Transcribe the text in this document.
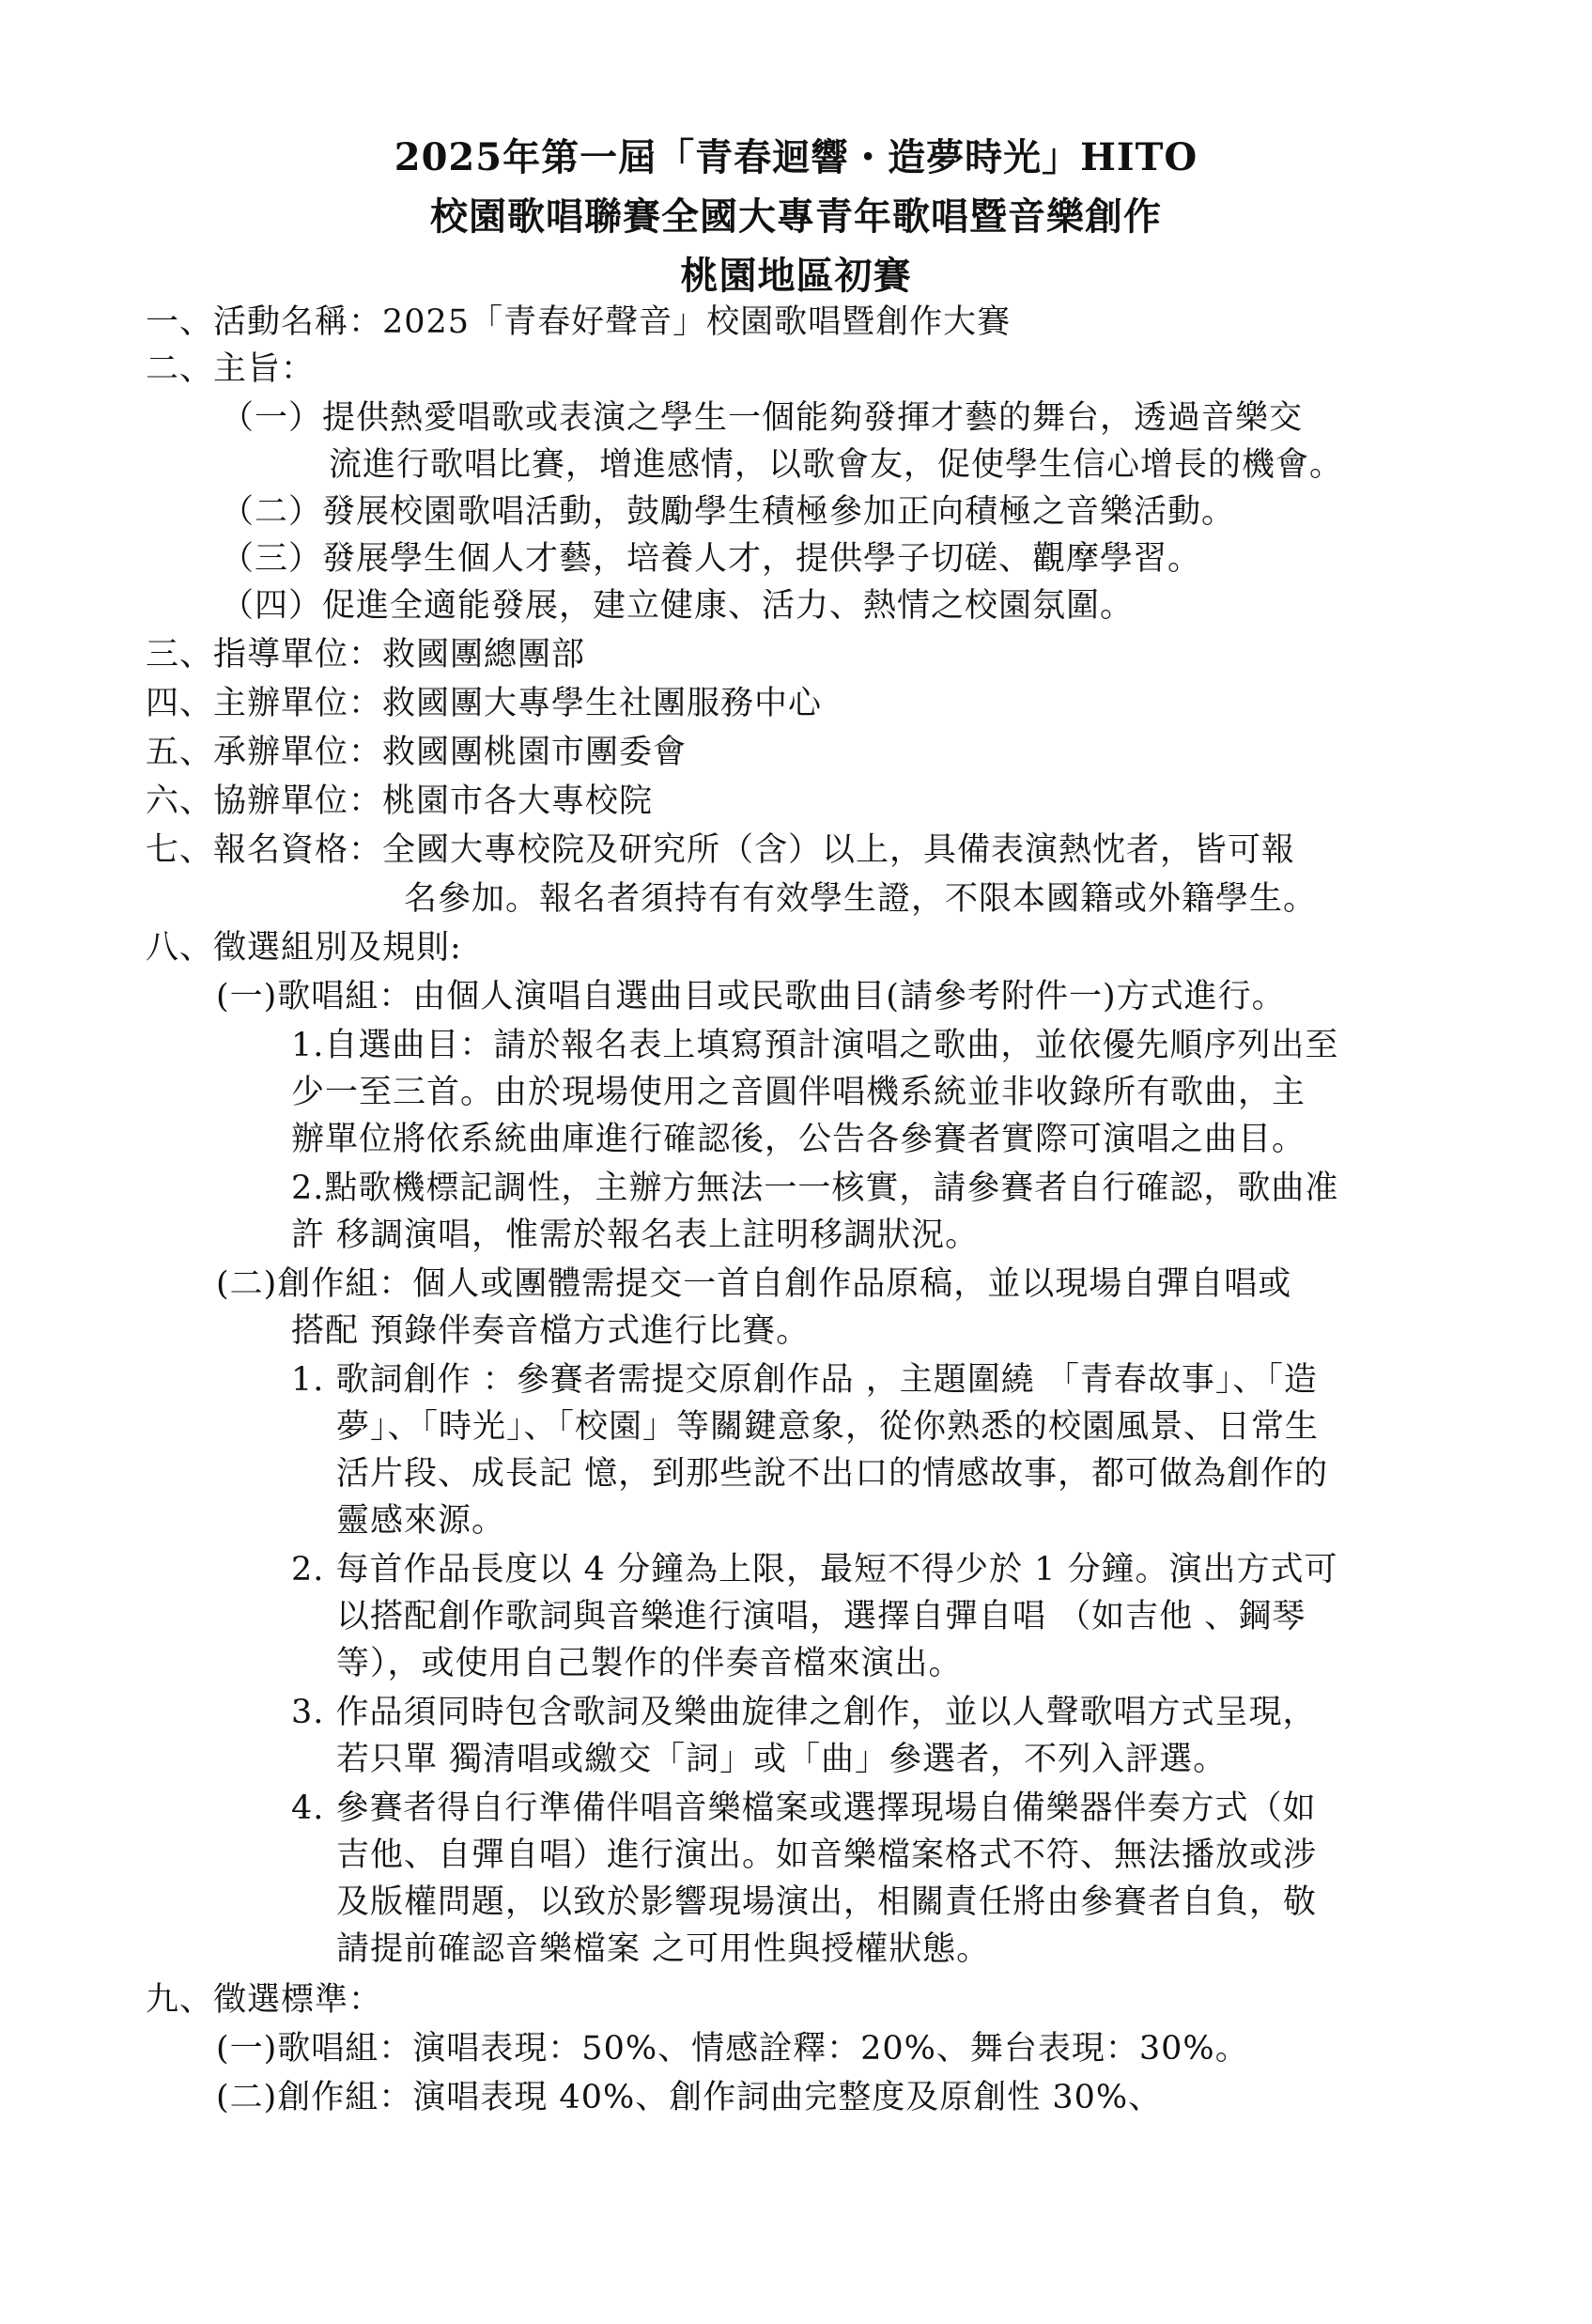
2025年第一屆「青春迴響・造夢時光」HITO
校園歌唱聯賽全國大專青年歌唱暨音樂創作
桃園地區初賽
一、活動名稱：2025「青春好聲音」校園歌唱暨創作大賽
二、主旨：
（一）提供熱愛唱歌或表演之學生一個能夠發揮才藝的舞台，透過音樂交
流進行歌唱比賽，增進感情，以歌會友，促使學生信心增長的機會。
（二）發展校園歌唱活動，鼓勵學生積極參加正向積極之音樂活動。
（三）發展學生個人才藝，培養人才，提供學子切磋、觀摩學習。
（四）促進全適能發展，建立健康、活力、熱情之校園氛圍。
三、指導單位：救國團總團部
四、主辦單位：救國團大專學生社團服務中心
五、承辦單位：救國團桃園市團委會
六、協辦單位：桃園市各大專校院
七、報名資格：全國大專校院及研究所（含）以上，具備表演熱忱者，皆可報
名參加。報名者須持有有效學生證，不限本國籍或外籍學生。
八、徵選組別及規則:
(一)歌唱組：由個人演唱自選曲目或民歌曲目(請參考附件一)方式進行。
1.自選曲目：請於報名表上填寫預計演唱之歌曲，並依優先順序列出至
少一至三首。由於現場使用之音圓伴唱機系統並非收錄所有歌曲，主
辦單位將依系統曲庫進行確認後，公告各參賽者實際可演唱之曲目。
2.點歌機標記調性，主辦方無法一一核實，請參賽者自行確認，歌曲准
許 移調演唱，惟需於報名表上註明移調狀況。
(二)創作組：個人或團體需提交一首自創作品原稿，並以現場自彈自唱或
搭配 預錄伴奏音檔方式進行比賽。
1. 歌詞創作 ：參賽者需提交原創作品 ，主題圍繞 「青春故事」、「造
夢」、「時光」、「校園」等關鍵意象，從你熟悉的校園風景、日常生
活片段、成長記 憶，到那些說不出口的情感故事，都可做為創作的
靈感來源。
2. 每首作品長度以 4 分鐘為上限，最短不得少於 1 分鐘。演出方式可
以搭配創作歌詞與音樂進行演唱，選擇自彈自唱 （如吉他 、鋼琴
等），或使用自己製作的伴奏音檔來演出。
3. 作品須同時包含歌詞及樂曲旋律之創作，並以人聲歌唱方式呈現，
若只單 獨清唱或繳交「詞」或「曲」參選者，不列入評選。
4. 參賽者得自行準備伴唱音樂檔案或選擇現場自備樂器伴奏方式（如
吉他、自彈自唱）進行演出。如音樂檔案格式不符、無法播放或涉
及版權問題，以致於影響現場演出，相關責任將由參賽者自負，敬
請提前確認音樂檔案 之可用性與授權狀態。
九、徵選標準：
(一)歌唱組：演唱表現：50%、情感詮釋：20%、舞台表現：30%。
(二)創作組：演唱表現 40%、創作詞曲完整度及原創性 30%、
